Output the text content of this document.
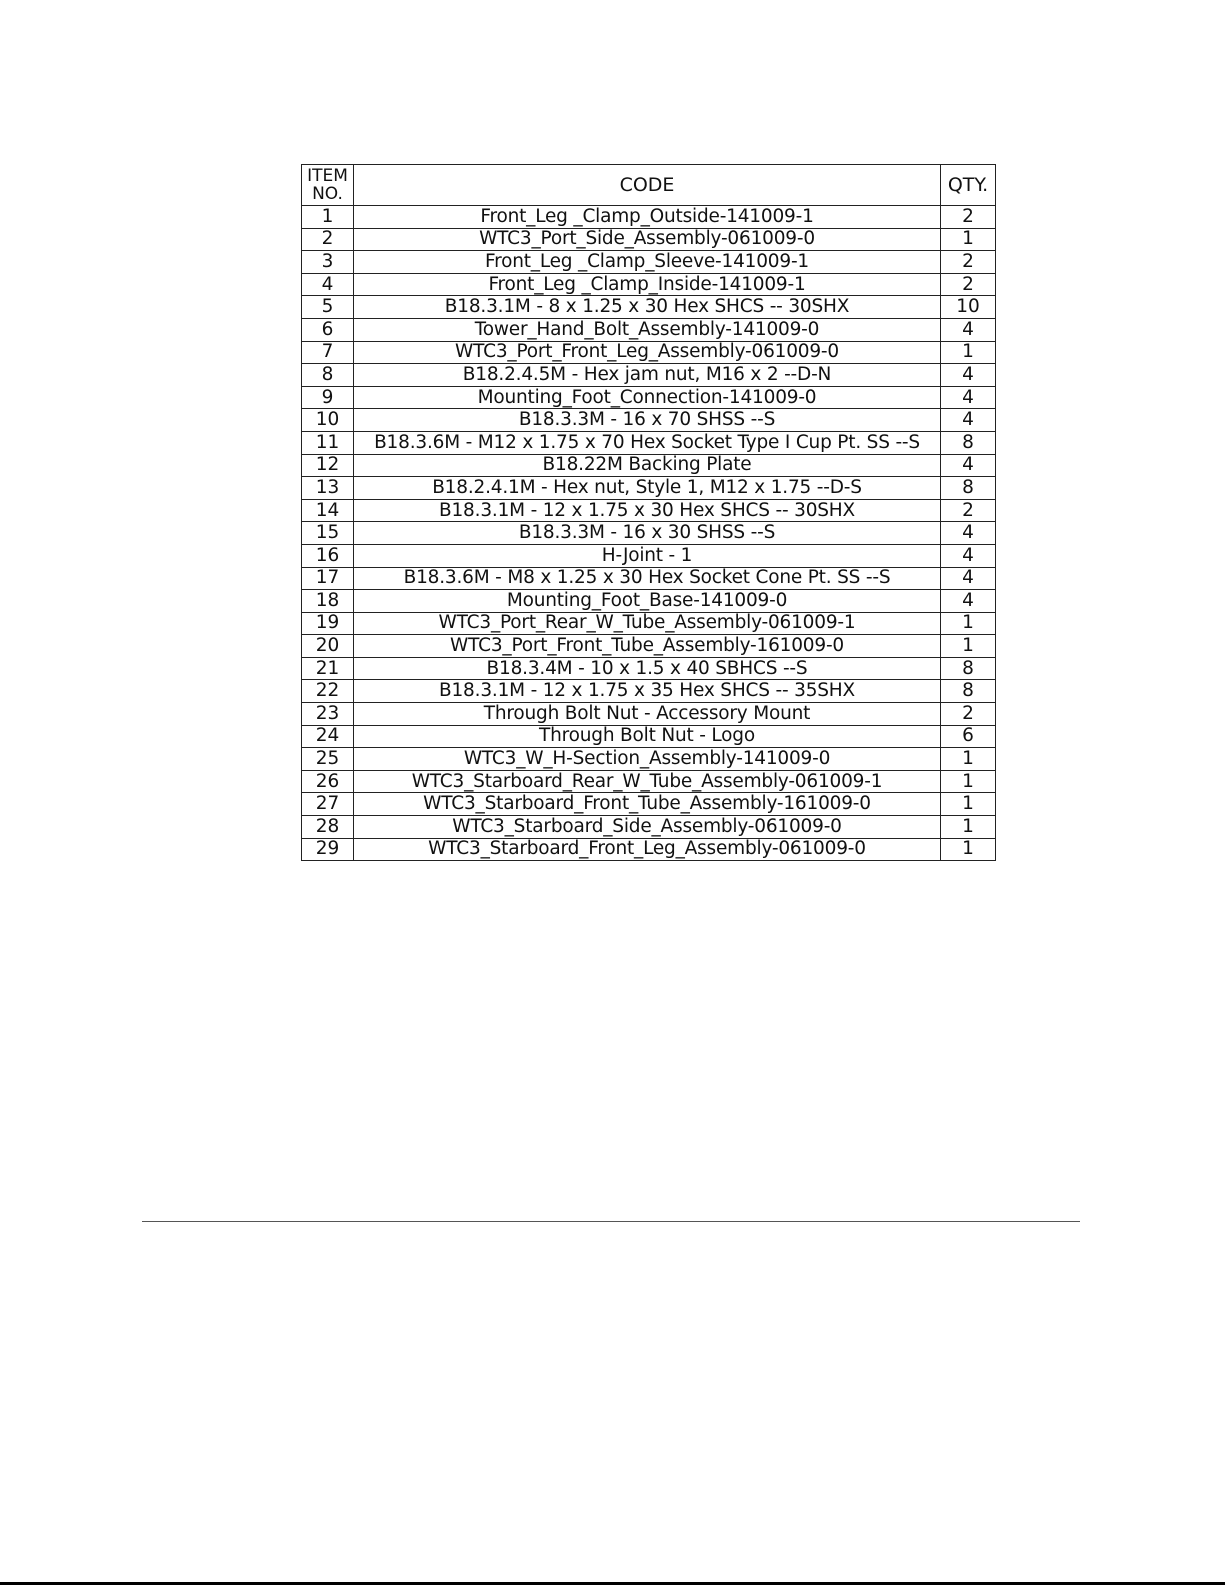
ITEM
NO.	CODE	QTY.
1	Front_Leg _Clamp_Outside-141009-1	2
2	WTC3_Port_Side_Assembly-061009-0	1
3	Front_Leg _Clamp_Sleeve-141009-1	2
4	Front_Leg _Clamp_Inside-141009-1	2
5	B18.3.1M - 8 x 1.25 x 30 Hex SHCS -- 30SHX	10
6	Tower_Hand_Bolt_Assembly-141009-0	4
7	WTC3_Port_Front_Leg_Assembly-061009-0	1
8	B18.2.4.5M - Hex jam nut, M16 x 2 --D-N	4
9	Mounting_Foot_Connection-141009-0	4
10	B18.3.3M - 16 x 70 SHSS --S	4
11	B18.3.6M - M12 x 1.75 x 70 Hex Socket Type I Cup Pt. SS --S	8
12	B18.22M Backing Plate	4
13	B18.2.4.1M - Hex nut, Style 1, M12 x 1.75 --D-S	8
14	B18.3.1M - 12 x 1.75 x 30 Hex SHCS -- 30SHX	2
15	B18.3.3M - 16 x 30 SHSS --S	4
16	H-Joint - 1	4
17	B18.3.6M - M8 x 1.25 x 30 Hex Socket Cone Pt. SS --S	4
18	Mounting_Foot_Base-141009-0	4
19	WTC3_Port_Rear_W_Tube_Assembly-061009-1	1
20	WTC3_Port_Front_Tube_Assembly-161009-0	1
21	B18.3.4M - 10 x 1.5 x 40 SBHCS --S	8
22	B18.3.1M - 12 x 1.75 x 35 Hex SHCS -- 35SHX	8
23	Through Bolt Nut - Accessory Mount	2
24	Through Bolt Nut - Logo	6
25	WTC3_W_H-Section_Assembly-141009-0	1
26	WTC3_Starboard_Rear_W_Tube_Assembly-061009-1	1
27	WTC3_Starboard_Front_Tube_Assembly-161009-0	1
28	WTC3_Starboard_Side_Assembly-061009-0	1
29	WTC3_Starboard_Front_Leg_Assembly-061009-0	1
